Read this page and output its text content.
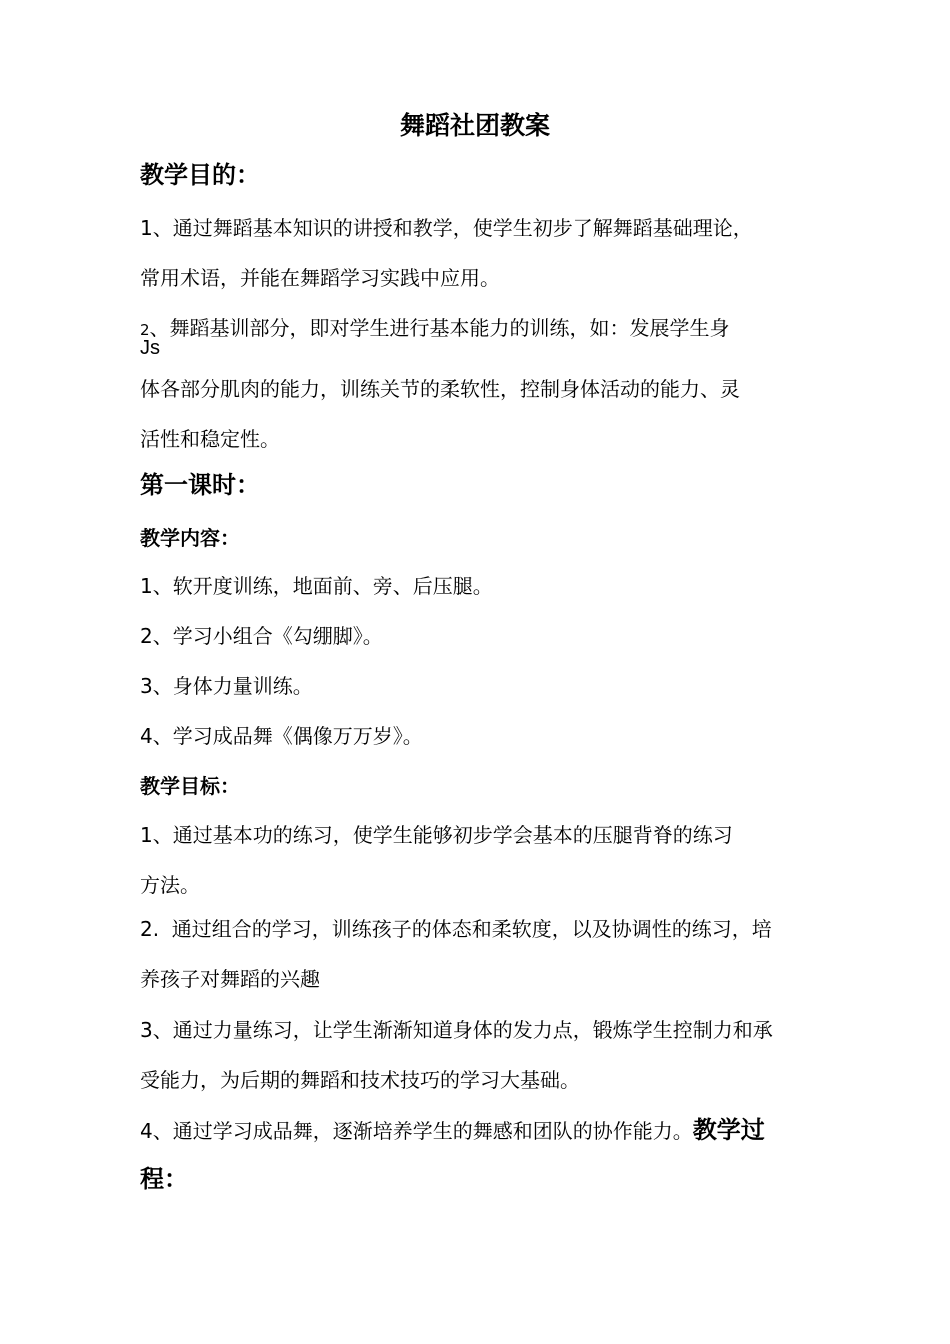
舞蹈社团教案
教学目的：
1、通过舞蹈基本知识的讲授和教学，使学生初步了解舞蹈基础理论，
常用术语，并能在舞蹈学习实践中应用。
2、舞蹈基训部分，即对学生进行基本能力的训练，如：发展学生身
Js
体各部分肌肉的能力，训练关节的柔软性，控制身体活动的能力、灵
活性和稳定性。
第一课时：
教学内容：
1、软开度训练，地面前、旁、后压腿。
2、学习小组合《勾绷脚》。
3、身体力量训练。
4、学习成品舞《偶像万万岁》。
教学目标：
1、通过基本功的练习，使学生能够初步学会基本的压腿背脊的练习
方法。
2.  通过组合的学习，训练孩子的体态和柔软度，以及协调性的练习，培
养孩子对舞蹈的兴趣
3、通过力量练习，让学生渐渐知道身体的发力点，锻炼学生控制力和承
受能力，为后期的舞蹈和技术技巧的学习大基础。
4、通过学习成品舞，逐渐培养学生的舞感和团队的协作能力。教学过
程：
